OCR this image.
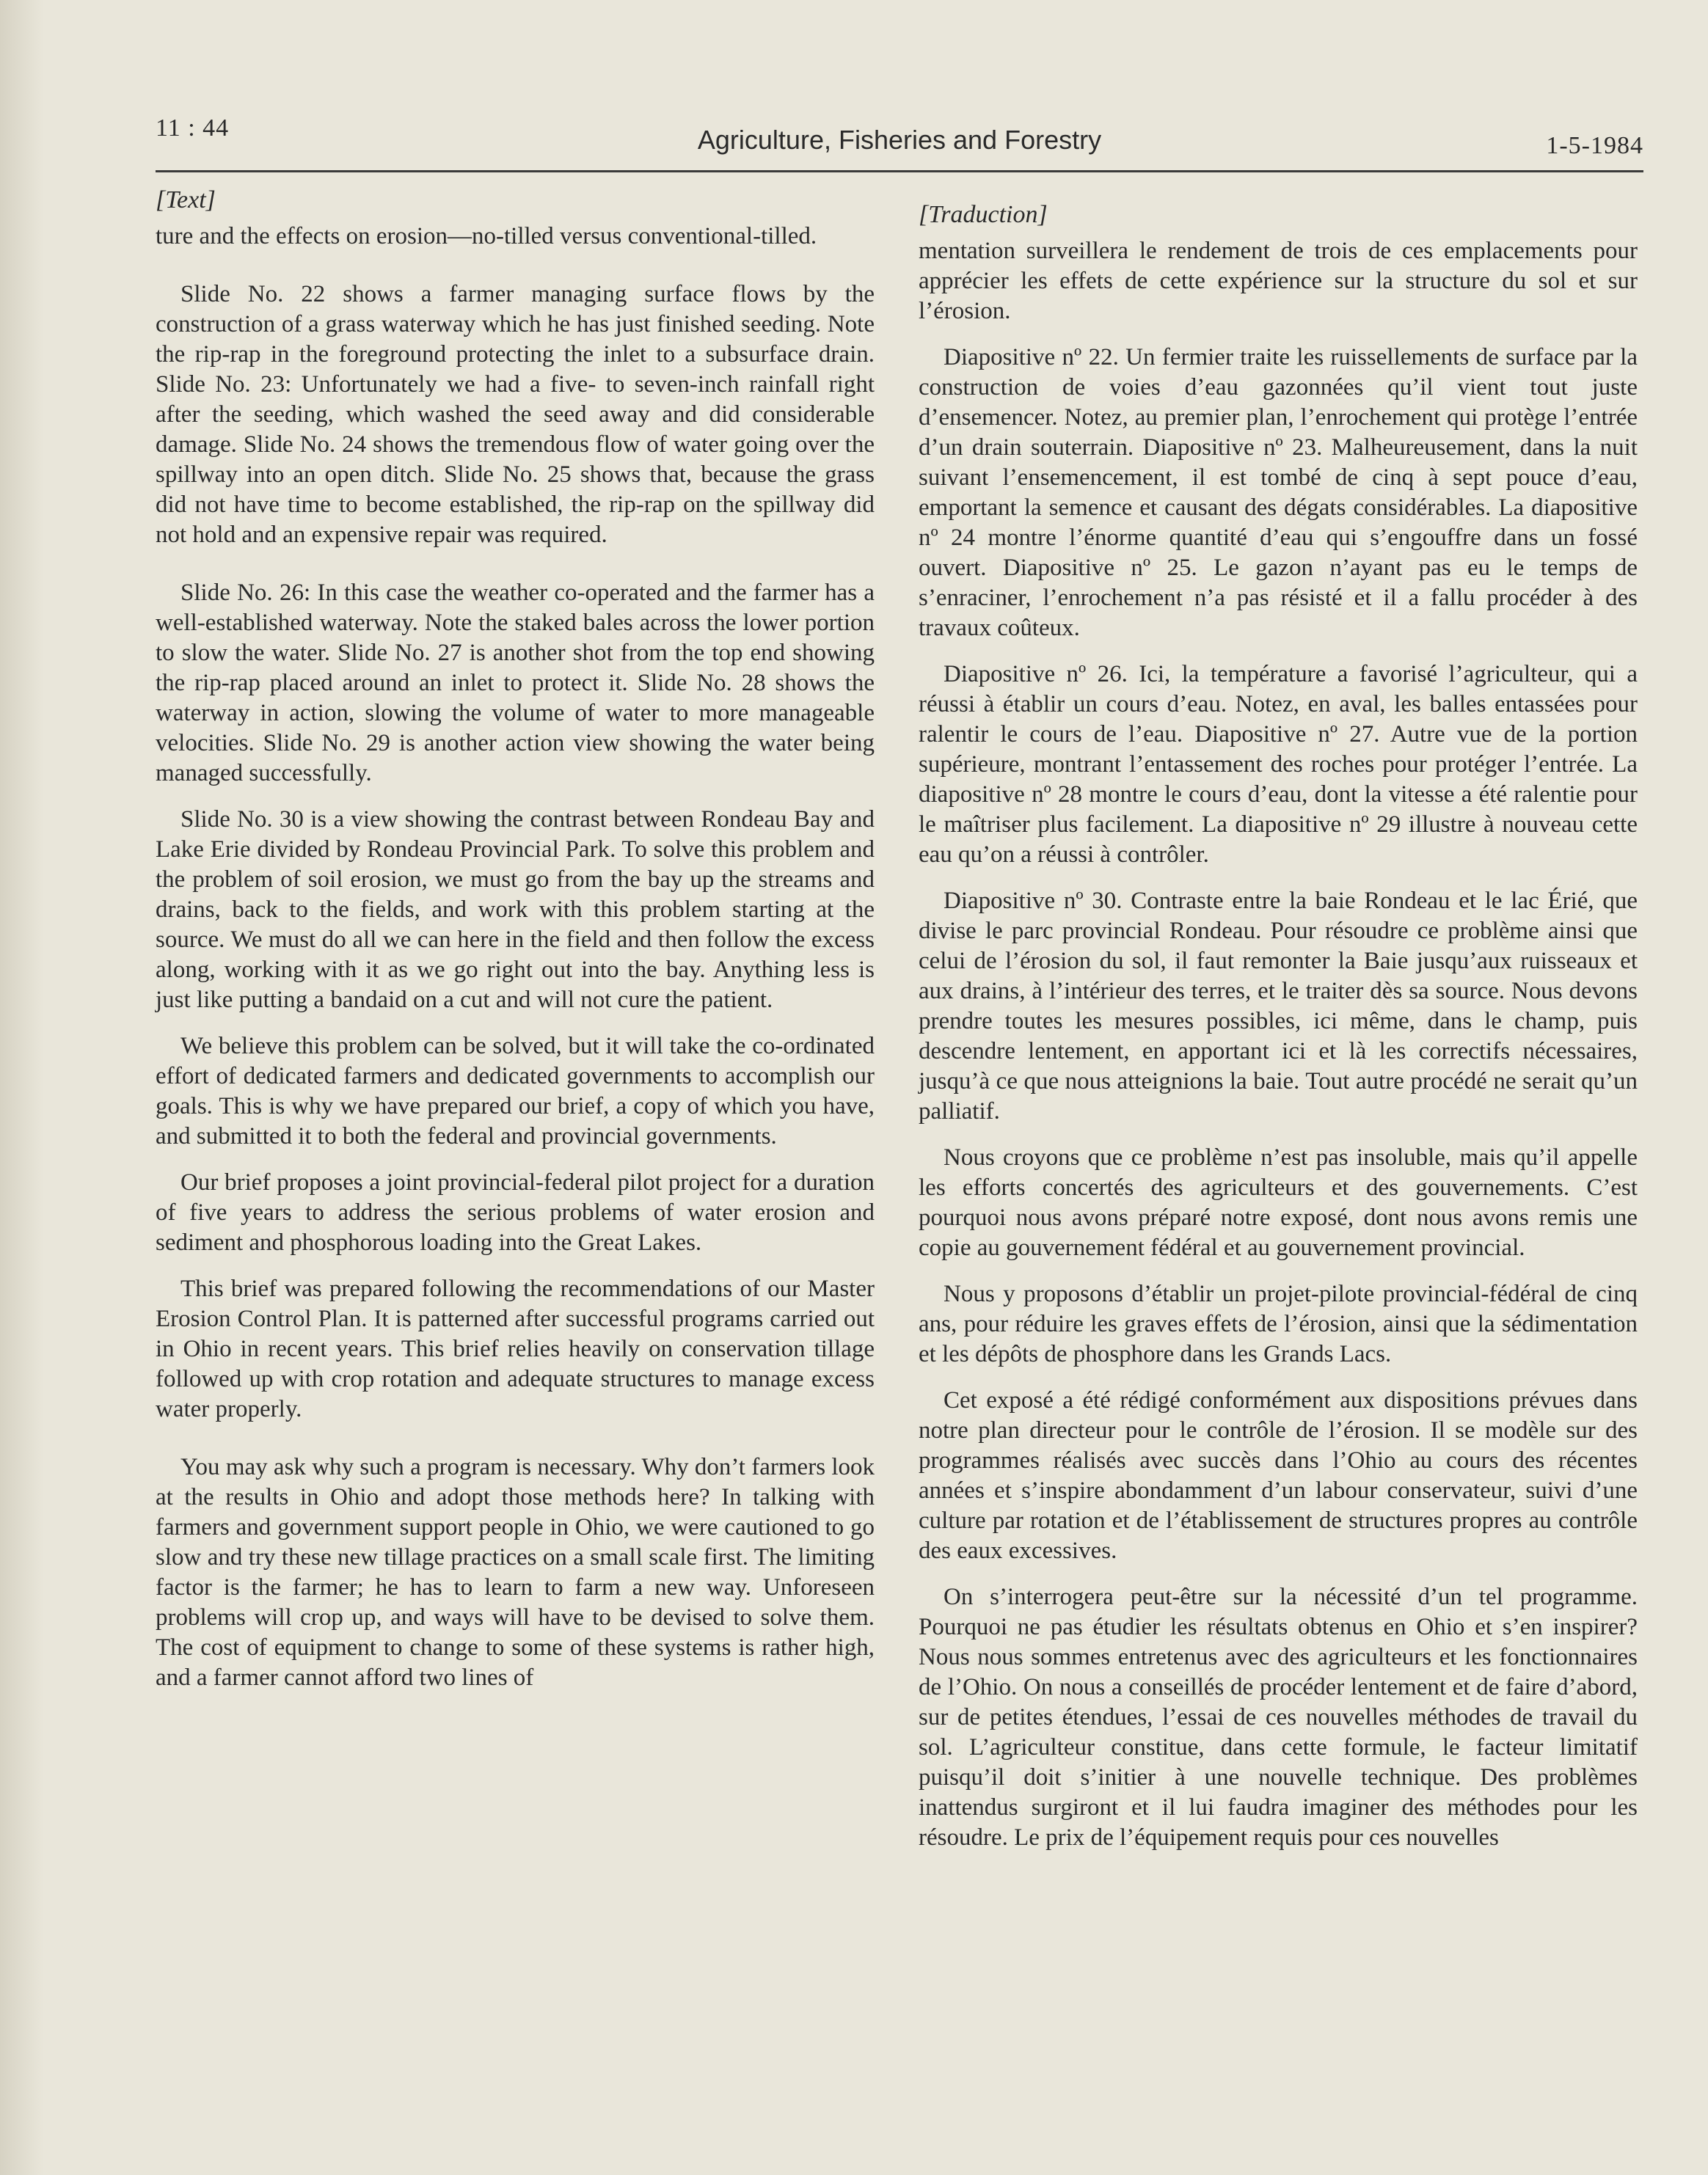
11 : 44	Agriculture, Fisheries and Forestry	1-5-1984
[Text]

ture and the effects on erosion—no-tilled versus conventional-tilled.

Slide No. 22 shows a farmer managing surface flows by the construction of a grass waterway which he has just finished seeding. Note the rip-rap in the foreground protecting the inlet to a subsurface drain. Slide No. 23: Unfortunately we had a five- to seven-inch rainfall right after the seeding, which washed the seed away and did considerable damage. Slide No. 24 shows the tremendous flow of water going over the spillway into an open ditch. Slide No. 25 shows that, because the grass did not have time to become established, the rip-rap on the spillway did not hold and an expensive repair was required.

Slide No. 26: In this case the weather co-operated and the farmer has a well-established waterway. Note the staked bales across the lower portion to slow the water. Slide No. 27 is another shot from the top end showing the rip-rap placed around an inlet to protect it. Slide No. 28 shows the waterway in action, slowing the volume of water to more manageable velocities. Slide No. 29 is another action view showing the water being managed successfully.

Slide No. 30 is a view showing the contrast between Rondeau Bay and Lake Erie divided by Rondeau Provincial Park. To solve this problem and the problem of soil erosion, we must go from the bay up the streams and drains, back to the fields, and work with this problem starting at the source. We must do all we can here in the field and then follow the excess along, working with it as we go right out into the bay. Anything less is just like putting a bandaid on a cut and will not cure the patient.

We believe this problem can be solved, but it will take the co-ordinated effort of dedicated farmers and dedicated governments to accomplish our goals. This is why we have prepared our brief, a copy of which you have, and submitted it to both the federal and provincial governments.

Our brief proposes a joint provincial-federal pilot project for a duration of five years to address the serious problems of water erosion and sediment and phosphorous loading into the Great Lakes.

This brief was prepared following the recommendations of our Master Erosion Control Plan. It is patterned after successful programs carried out in Ohio in recent years. This brief relies heavily on conservation tillage followed up with crop rotation and adequate structures to manage excess water properly.

You may ask why such a program is necessary. Why don’t farmers look at the results in Ohio and adopt those methods here? In talking with farmers and government support people in Ohio, we were cautioned to go slow and try these new tillage practices on a small scale first. The limiting factor is the farmer; he has to learn to farm a new way. Unforeseen problems will crop up, and ways will have to be devised to solve them. The cost of equipment to change to some of these systems is rather high, and a farmer cannot afford two lines of

[Traduction]

mentation surveillera le rendement de trois de ces emplacements pour apprécier les effets de cette expérience sur la structure du sol et sur l’érosion.

Diapositive nº 22. Un fermier traite les ruissellements de surface par la construction de voies d’eau gazonnées qu’il vient tout juste d’ensemencer. Notez, au premier plan, l’enrochement qui protège l’entrée d’un drain souterrain. Diapositive nº 23. Malheureusement, dans la nuit suivant l’ensemencement, il est tombé de cinq à sept pouce d’eau, emportant la semence et causant des dégats considérables. La diapositive nº 24 montre l’énorme quantité d’eau qui s’engouffre dans un fossé ouvert. Diapositive nº 25. Le gazon n’ayant pas eu le temps de s’enraciner, l’enrochement n’a pas résisté et il a fallu procéder à des travaux coûteux.

Diapositive nº 26. Ici, la température a favorisé l’agriculteur, qui a réussi à établir un cours d’eau. Notez, en aval, les balles entassées pour ralentir le cours de l’eau. Diapositive nº 27. Autre vue de la portion supérieure, montrant l’entassement des roches pour protéger l’entrée. La diapositive nº 28 montre le cours d’eau, dont la vitesse a été ralentie pour le maîtriser plus facilement. La diapositive nº 29 illustre à nouveau cette eau qu’on a réussi à contrôler.

Diapositive nº 30. Contraste entre la baie Rondeau et le lac Érié, que divise le parc provincial Rondeau. Pour résoudre ce problème ainsi que celui de l’érosion du sol, il faut remonter la Baie jusqu’aux ruisseaux et aux drains, à l’intérieur des terres, et le traiter dès sa source. Nous devons prendre toutes les mesures possibles, ici même, dans le champ, puis descendre lentement, en apportant ici et là les correctifs nécessaires, jusqu’à ce que nous atteignions la baie. Tout autre procédé ne serait qu’un palliatif.

Nous croyons que ce problème n’est pas insoluble, mais qu’il appelle les efforts concertés des agriculteurs et des gouvernements. C’est pourquoi nous avons préparé notre exposé, dont nous avons remis une copie au gouvernement fédéral et au gouvernement provincial.

Nous y proposons d’établir un projet-pilote provincial-fédéral de cinq ans, pour réduire les graves effets de l’érosion, ainsi que la sédimentation et les dépôts de phosphore dans les Grands Lacs.

Cet exposé a été rédigé conformément aux dispositions prévues dans notre plan directeur pour le contrôle de l’érosion. Il se modèle sur des programmes réalisés avec succès dans l’Ohio au cours des récentes années et s’inspire abondamment d’un labour conservateur, suivi d’une culture par rotation et de l’établissement de structures propres au contrôle des eaux excessives.

On s’interrogera peut-être sur la nécessité d’un tel programme. Pourquoi ne pas étudier les résultats obtenus en Ohio et s’en inspirer? Nous nous sommes entretenus avec des agriculteurs et les fonctionnaires de l’Ohio. On nous a conseillés de procéder lentement et de faire d’abord, sur de petites étendues, l’essai de ces nouvelles méthodes de travail du sol. L’agriculteur constitue, dans cette formule, le facteur limitatif puisqu’il doit s’initier à une nouvelle technique. Des problèmes inattendus surgiront et il lui faudra imaginer des méthodes pour les résoudre. Le prix de l’équipement requis pour ces nouvelles
